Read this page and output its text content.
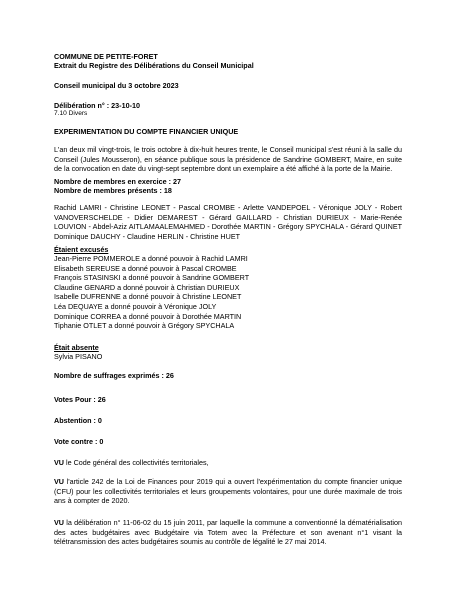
COMMUNE DE PETITE-FORET
Extrait du Registre des Délibérations du Conseil Municipal
Conseil municipal du 3 octobre 2023
Délibération n° : 23-10-10
7.10 Divers
EXPERIMENTATION DU COMPTE FINANCIER UNIQUE

L'an deux mil vingt-trois, le trois octobre à dix-huit heures trente, le Conseil municipal s'est réuni à la salle du Conseil (Jules Mousseron), en séance publique sous la présidence de Sandrine GOMBERT, Maire, en suite de la convocation en date du vingt-sept septembre dont un exemplaire a été affiché à la porte de la Mairie.

Nombre de membres en exercice : 27
Nombre de membres présents : 18

Rachid LAMRI - Christine LEONET - Pascal CROMBE - Arlette VANDEPOEL - Véronique JOLY - Robert VANOVERSCHELDE - Didier DEMAREST - Gérard GAILLARD - Christian DURIEUX - Marie-Renée LOUVION - Abdel-Aziz AITLAMAALEMAHMED - Dorothée MARTIN - Grégory SPYCHALA - Gérard QUINET Dominique DAUCHY - Claudine HERLIN - Christine HUET

Étaient excusés
Jean-Pierre POMMEROLE a donné pouvoir à Rachid LAMRI
Elisabeth SEREUSE a donné pouvoir à Pascal CROMBE
François STASINSKI a donné pouvoir à Sandrine GOMBERT
Claudine GENARD a donné pouvoir à Christian DURIEUX
Isabelle DUFRENNE a donné pouvoir à Christine LEONET
Léa DEQUAYE a donné pouvoir à Véronique JOLY
Dominique CORREA a donné pouvoir à Dorothée MARTIN
Tiphanie OTLET a donné pouvoir à Grégory SPYCHALA
Était absente
Sylvia PISANO
Nombre de suffrages exprimés : 26
Votes Pour : 26
Abstention : 0
Vote contre : 0

VU le Code général des collectivités territoriales,

VU l'article 242 de la Loi de Finances pour 2019 qui a ouvert l'expérimentation du compte financier unique (CFU) pour les collectivités territoriales et leurs groupements volontaires, pour une durée maximale de trois ans à compter de 2020.

VU la délibération n° 11-06-02 du 15 juin 2011, par laquelle la commune a conventionné la dématérialisation des actes budgétaires avec Budgétaire via Totem avec la Préfecture et son avenant n°1 visant la télétransmission des actes budgétaires soumis au contrôle de légalité le 27 mai 2014.
